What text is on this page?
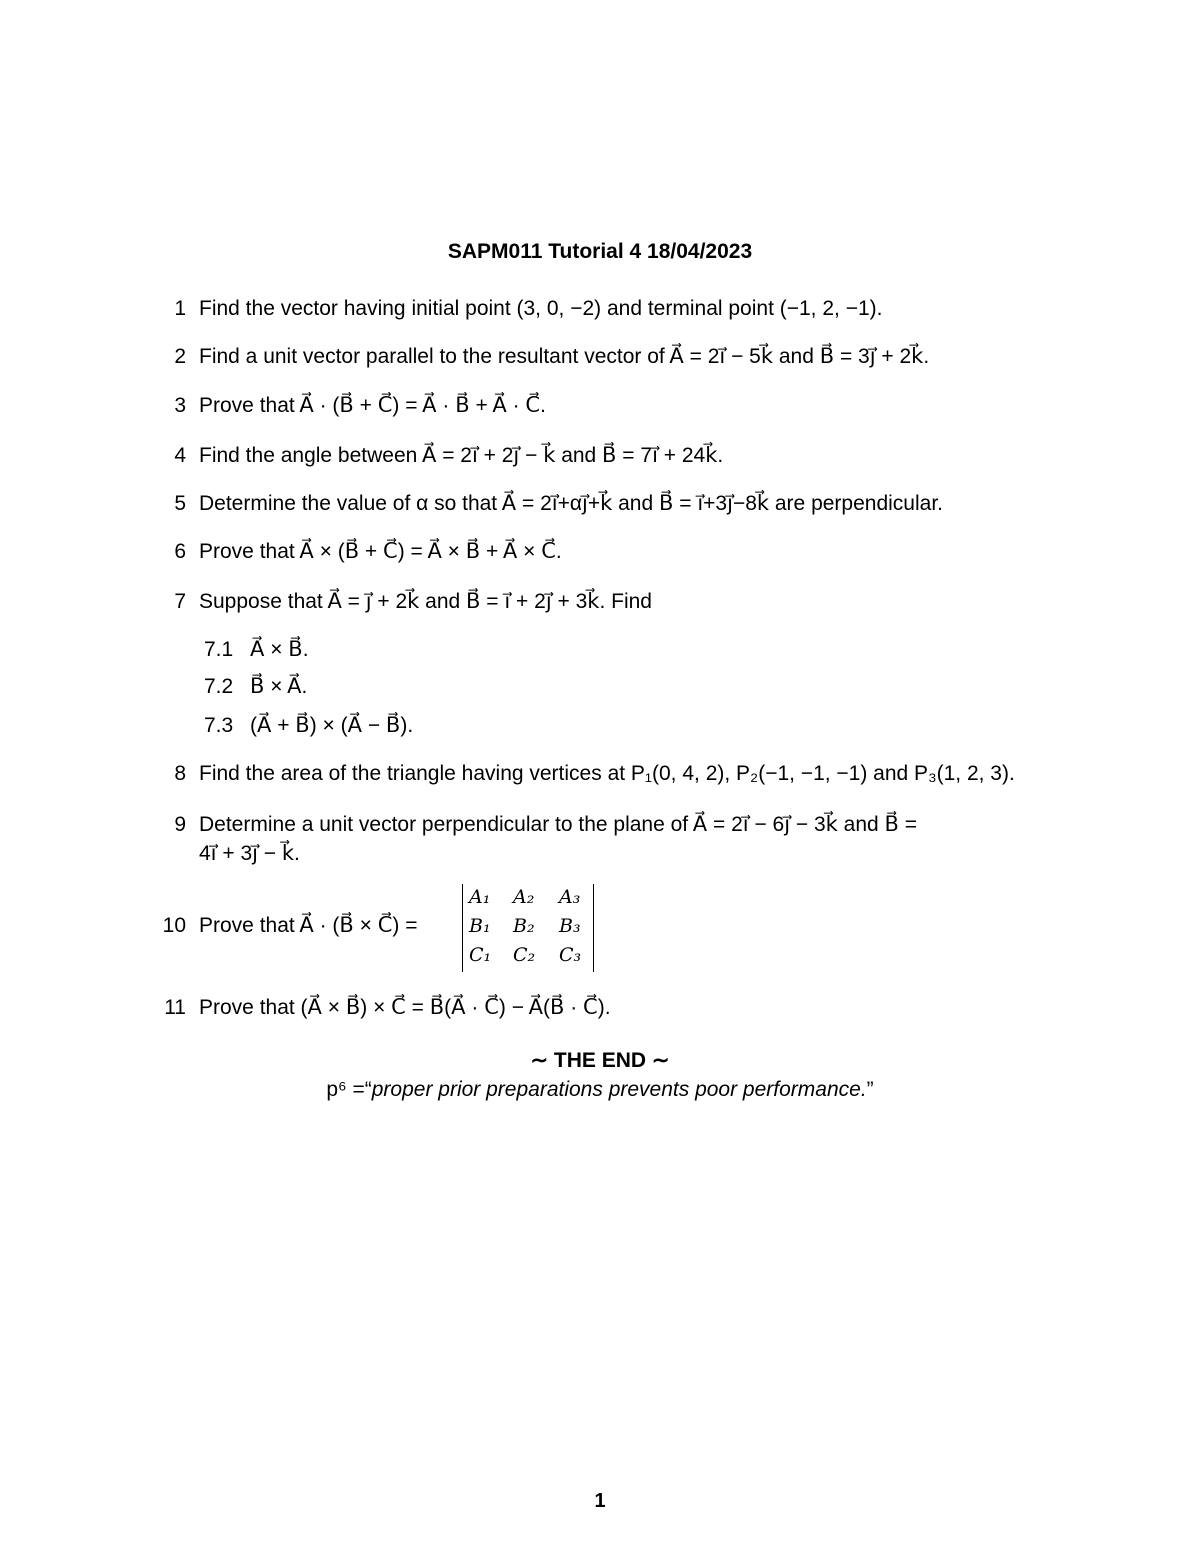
SAPM011 Tutorial 4 18/04/2023
1 Find the vector having initial point (3, 0, −2) and terminal point (−1, 2, −1).
2 Find a unit vector parallel to the resultant vector of A⃗ = 2i⃗ − 5k⃗ and B⃗ = 3j⃗ + 2k⃗.
3 Prove that A⃗ · (B⃗ + C⃗) = A⃗ · B⃗ + A⃗ · C⃗.
4 Find the angle between A⃗ = 2i⃗ + 2j⃗ − k⃗ and B⃗ = 7i⃗ + 24k⃗.
5 Determine the value of α so that A⃗ = 2i⃗+αj⃗+k⃗ and B⃗ = i⃗+3j⃗−8k⃗ are perpendicular.
6 Prove that A⃗ × (B⃗ + C⃗) = A⃗ × B⃗ + A⃗ × C⃗.
7 Suppose that A⃗ = j⃗ + 2k⃗ and B⃗ = i⃗ + 2j⃗ + 3k⃗. Find
7.1 A⃗ × B⃗.
7.2 B⃗ × A⃗.
7.3 (A⃗ + B⃗) × (A⃗ − B⃗).
8 Find the area of the triangle having vertices at P₁(0, 4, 2), P₂(−1, −1, −1) and P₃(1, 2, 3).
9 Determine a unit vector perpendicular to the plane of A⃗ = 2i⃗ − 6j⃗ − 3k⃗ and B⃗ =
4i⃗ + 3j⃗ − k⃗.
10 Prove that A⃗ · (B⃗ × C⃗) =
A₁ A₂ A₃
B₁ B₂ B₃
C₁ C₂ C₃
11 Prove that (A⃗ × B⃗) × C⃗ = B⃗(A⃗ · C⃗) − A⃗(B⃗ · C⃗).
∼ THE END ∼
p⁶ =“proper prior preparations prevents poor performance.”
1
